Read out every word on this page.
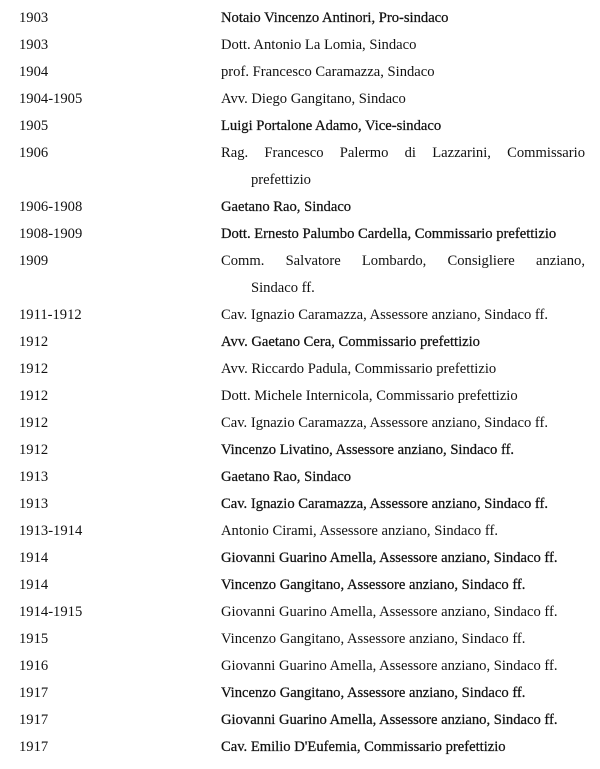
1903	Notaio Vincenzo Antinori, Pro-sindaco
1903	Dott. Antonio La Lomia, Sindaco
1904	prof. Francesco Caramazza, Sindaco
1904-1905	Avv. Diego Gangitano, Sindaco
1905	Luigi Portalone Adamo, Vice-sindaco
1906	Rag. Francesco Palermo di Lazzarini, Commissario
prefettizio
1906-1908	Gaetano Rao, Sindaco
1908-1909	Dott. Ernesto Palumbo Cardella, Commissario prefettizio
1909	Comm. Salvatore Lombardo, Consigliere anziano,
Sindaco ff.
1911-1912	Cav. Ignazio Caramazza, Assessore anziano, Sindaco ff.
1912	Avv. Gaetano Cera, Commissario prefettizio
1912	Avv. Riccardo Padula, Commissario prefettizio
1912	Dott. Michele Internicola, Commissario prefettizio
1912	Cav. Ignazio Caramazza, Assessore anziano, Sindaco ff.
1912	Vincenzo Livatino, Assessore anziano, Sindaco ff.
1913	Gaetano Rao, Sindaco
1913	Cav. Ignazio Caramazza, Assessore anziano, Sindaco ff.
1913-1914	Antonio Cirami, Assessore anziano, Sindaco ff.
1914	Giovanni Guarino Amella, Assessore anziano, Sindaco ff.
1914	Vincenzo Gangitano, Assessore anziano, Sindaco ff.
1914-1915	Giovanni Guarino Amella, Assessore anziano, Sindaco ff.
1915	Vincenzo Gangitano, Assessore anziano, Sindaco ff.
1916	Giovanni Guarino Amella, Assessore anziano, Sindaco ff.
1917	Vincenzo Gangitano, Assessore anziano, Sindaco ff.
1917	Giovanni Guarino Amella, Assessore anziano, Sindaco ff.
1917	Cav. Emilio D'Eufemia, Commissario prefettizio
